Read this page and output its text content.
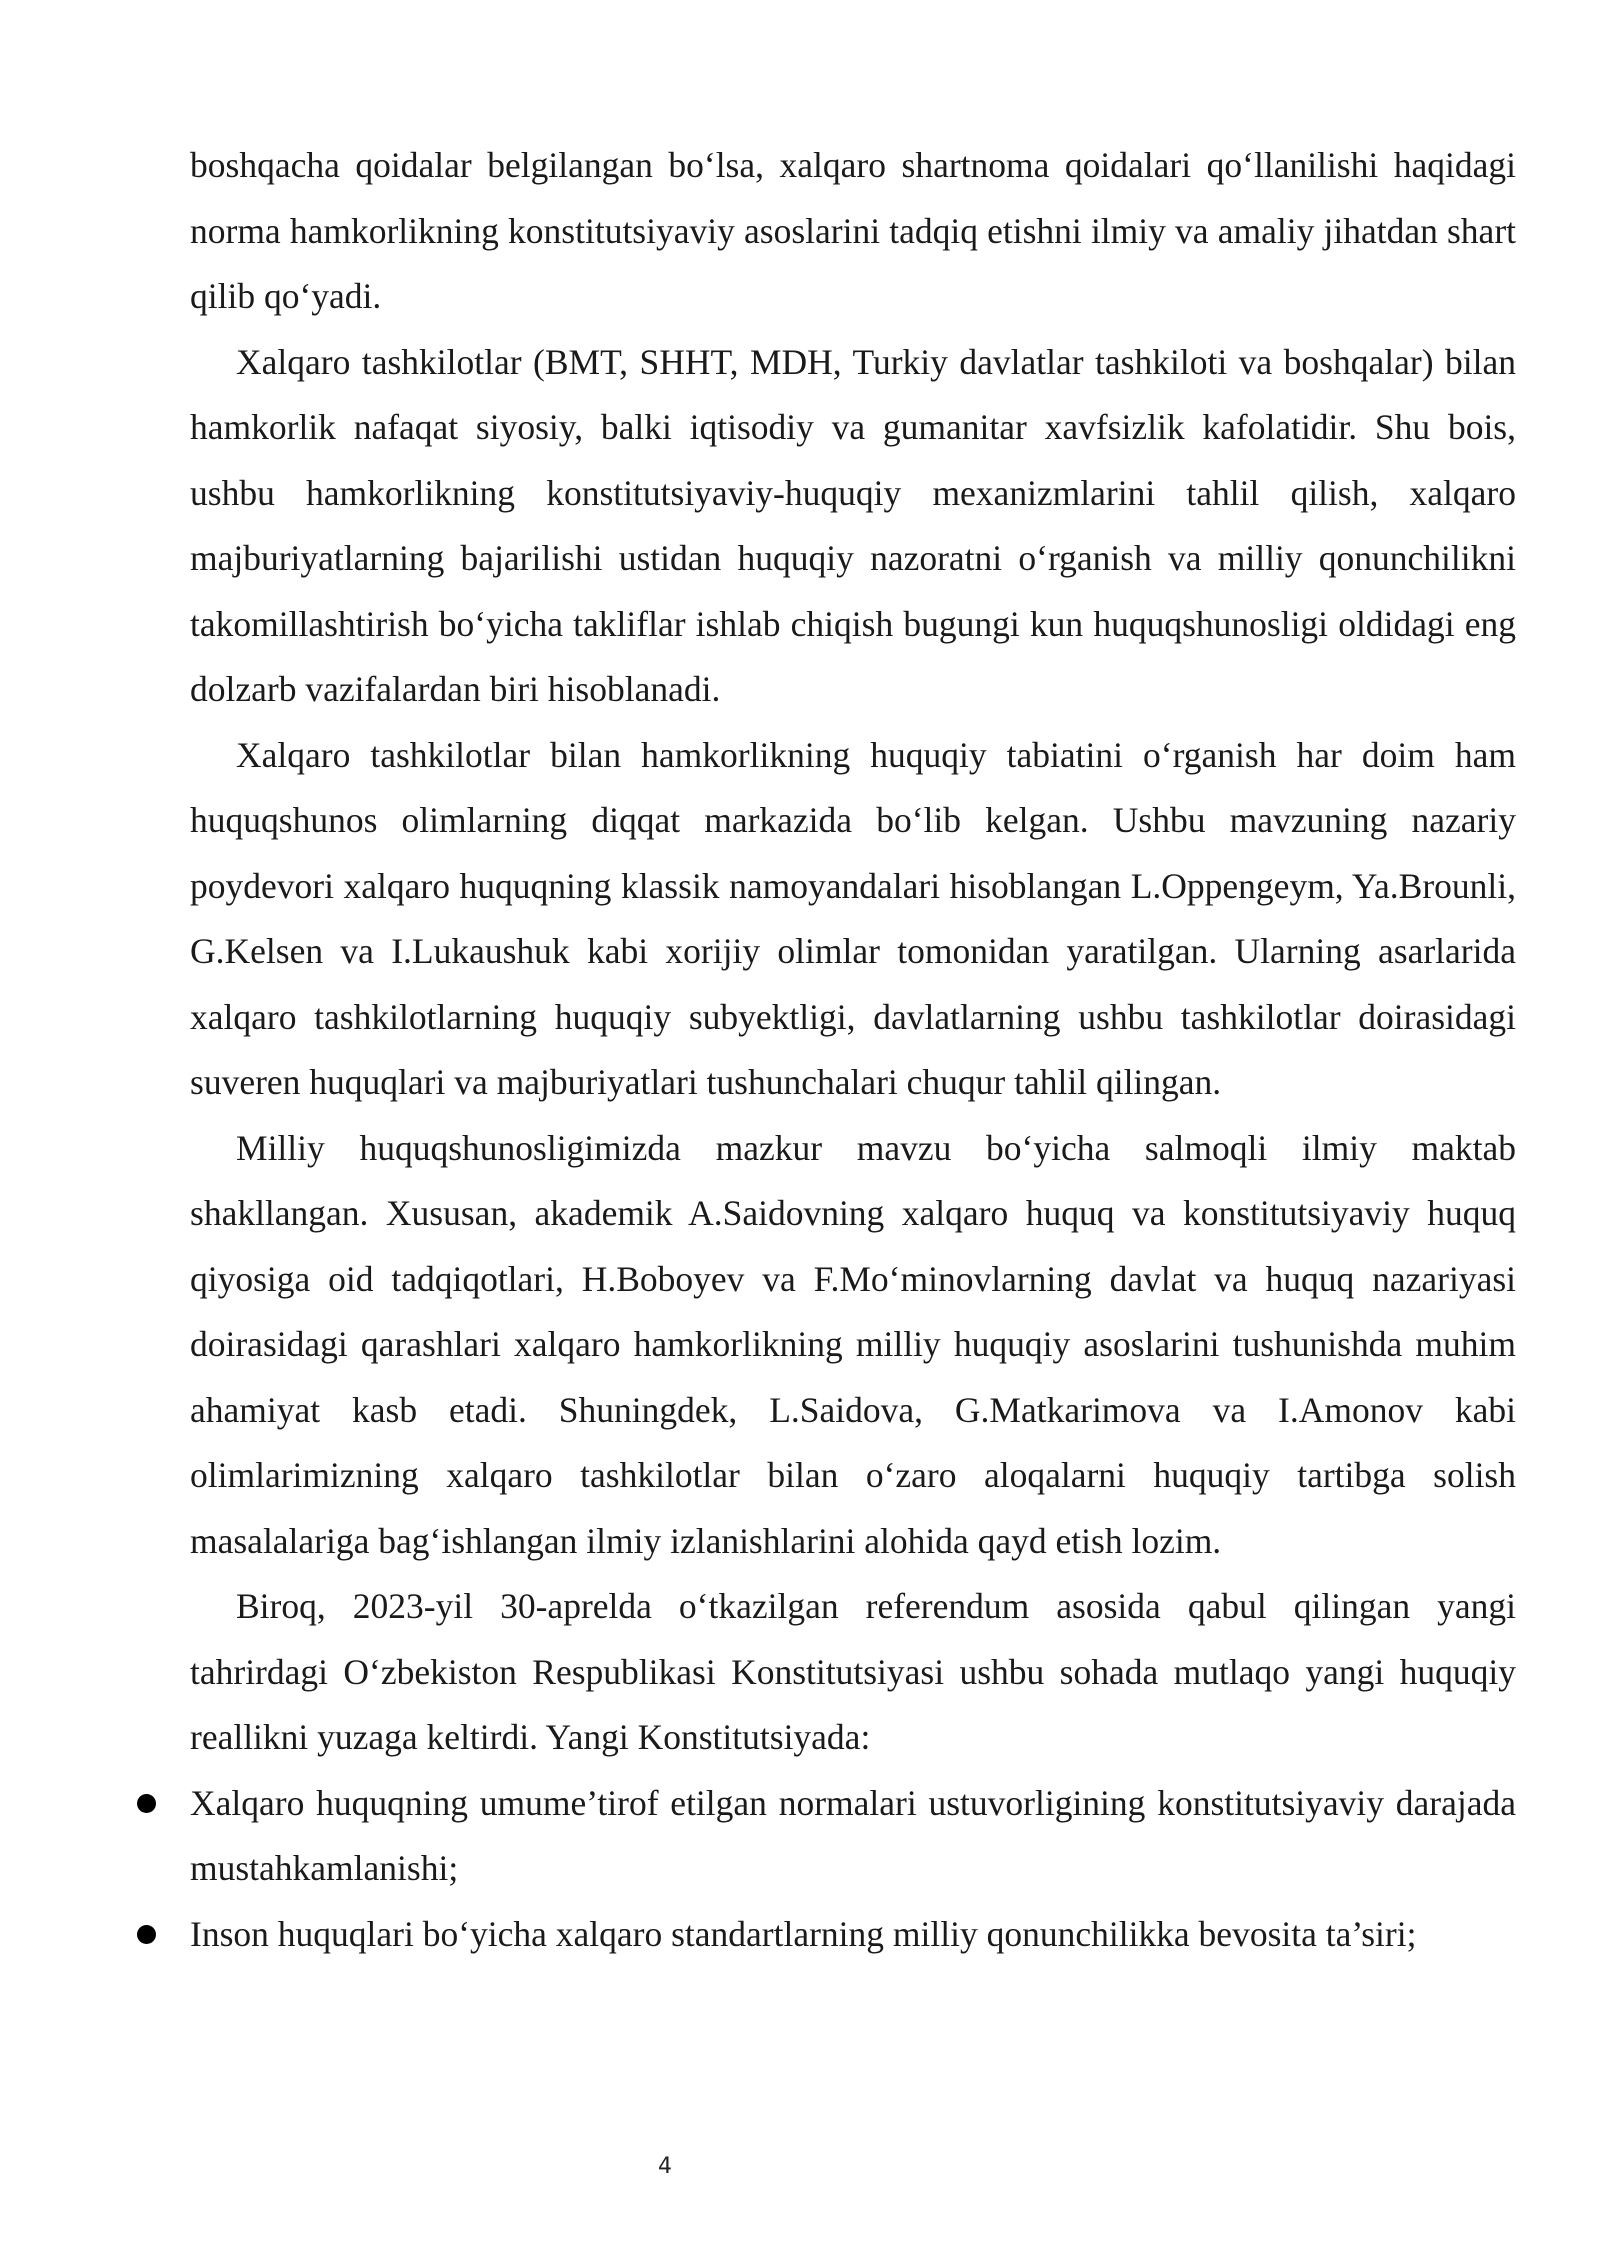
boshqacha qoidalar belgilangan bo‘lsa, xalqaro shartnoma qoidalari qo‘llanilishi haqidagi norma hamkorlikning konstitutsiyaviy asoslarini tadqiq etishni ilmiy va amaliy jihatdan shart qilib qo‘yadi.

Xalqaro tashkilotlar (BMT, SHHT, MDH, Turkiy davlatlar tashkiloti va boshqalar) bilan hamkorlik nafaqat siyosiy, balki iqtisodiy va gumanitar xavfsizlik kafolatidir. Shu bois, ushbu hamkorlikning konstitutsiyaviy-huquqiy mexanizmlarini tahlil qilish, xalqaro majburiyatlarning bajarilishi ustidan huquqiy nazoratni o‘rganish va milliy qonunchilikni takomillashtirish bo‘yicha takliflar ishlab chiqish bugungi kun huquqshunosligi oldidagi eng dolzarb vazifalardan biri hisoblanadi.

Xalqaro tashkilotlar bilan hamkorlikning huquqiy tabiatini o‘rganish har doim ham huquqshunos olimlarning diqqat markazida bo‘lib kelgan. Ushbu mavzuning nazariy poydevori xalqaro huquqning klassik namoyandalari hisoblangan L.Oppengeym, Ya.Brounli, G.Kelsen va I.Lukaushuk kabi xorijiy olimlar tomonidan yaratilgan. Ularning asarlarida xalqaro tashkilotlarning huquqiy subyektligi, davlatlarning ushbu tashkilotlar doirasidagi suveren huquqlari va majburiyatlari tushunchalari chuqur tahlil qilingan.

Milliy huquqshunosligimizda mazkur mavzu bo‘yicha salmoqli ilmiy maktab shakllangan. Xususan, akademik A.Saidovning xalqaro huquq va konstitutsiyaviy huquq qiyosiga oid tadqiqotlari, H.Boboyev va F.Mo‘minovlarning davlat va huquq nazariyasi doirasidagi qarashlari xalqaro hamkorlikning milliy huquqiy asoslarini tushunishda muhim ahamiyat kasb etadi. Shuningdek, L.Saidova, G.Matkarimova va I.Amonov kabi olimlarimizning xalqaro tashkilotlar bilan o‘zaro aloqalarni huquqiy tartibga solish masalalariga bag‘ishlangan ilmiy izlanishlarini alohida qayd etish lozim.

Biroq, 2023-yil 30-aprelda o‘tkazilgan referendum asosida qabul qilingan yangi tahrirdagi O‘zbekiston Respublikasi Konstitutsiyasi ushbu sohada mutlaqo yangi huquqiy reallikni yuzaga keltirdi. Yangi Konstitutsiyada:

Xalqaro huquqning umume’tirof etilgan normalari ustuvorligining konstitutsiyaviy darajada mustahkamlanishi;
Inson huquqlari bo‘yicha xalqaro standartlarning milliy qonunchilikka bevosita ta’siri;
4
